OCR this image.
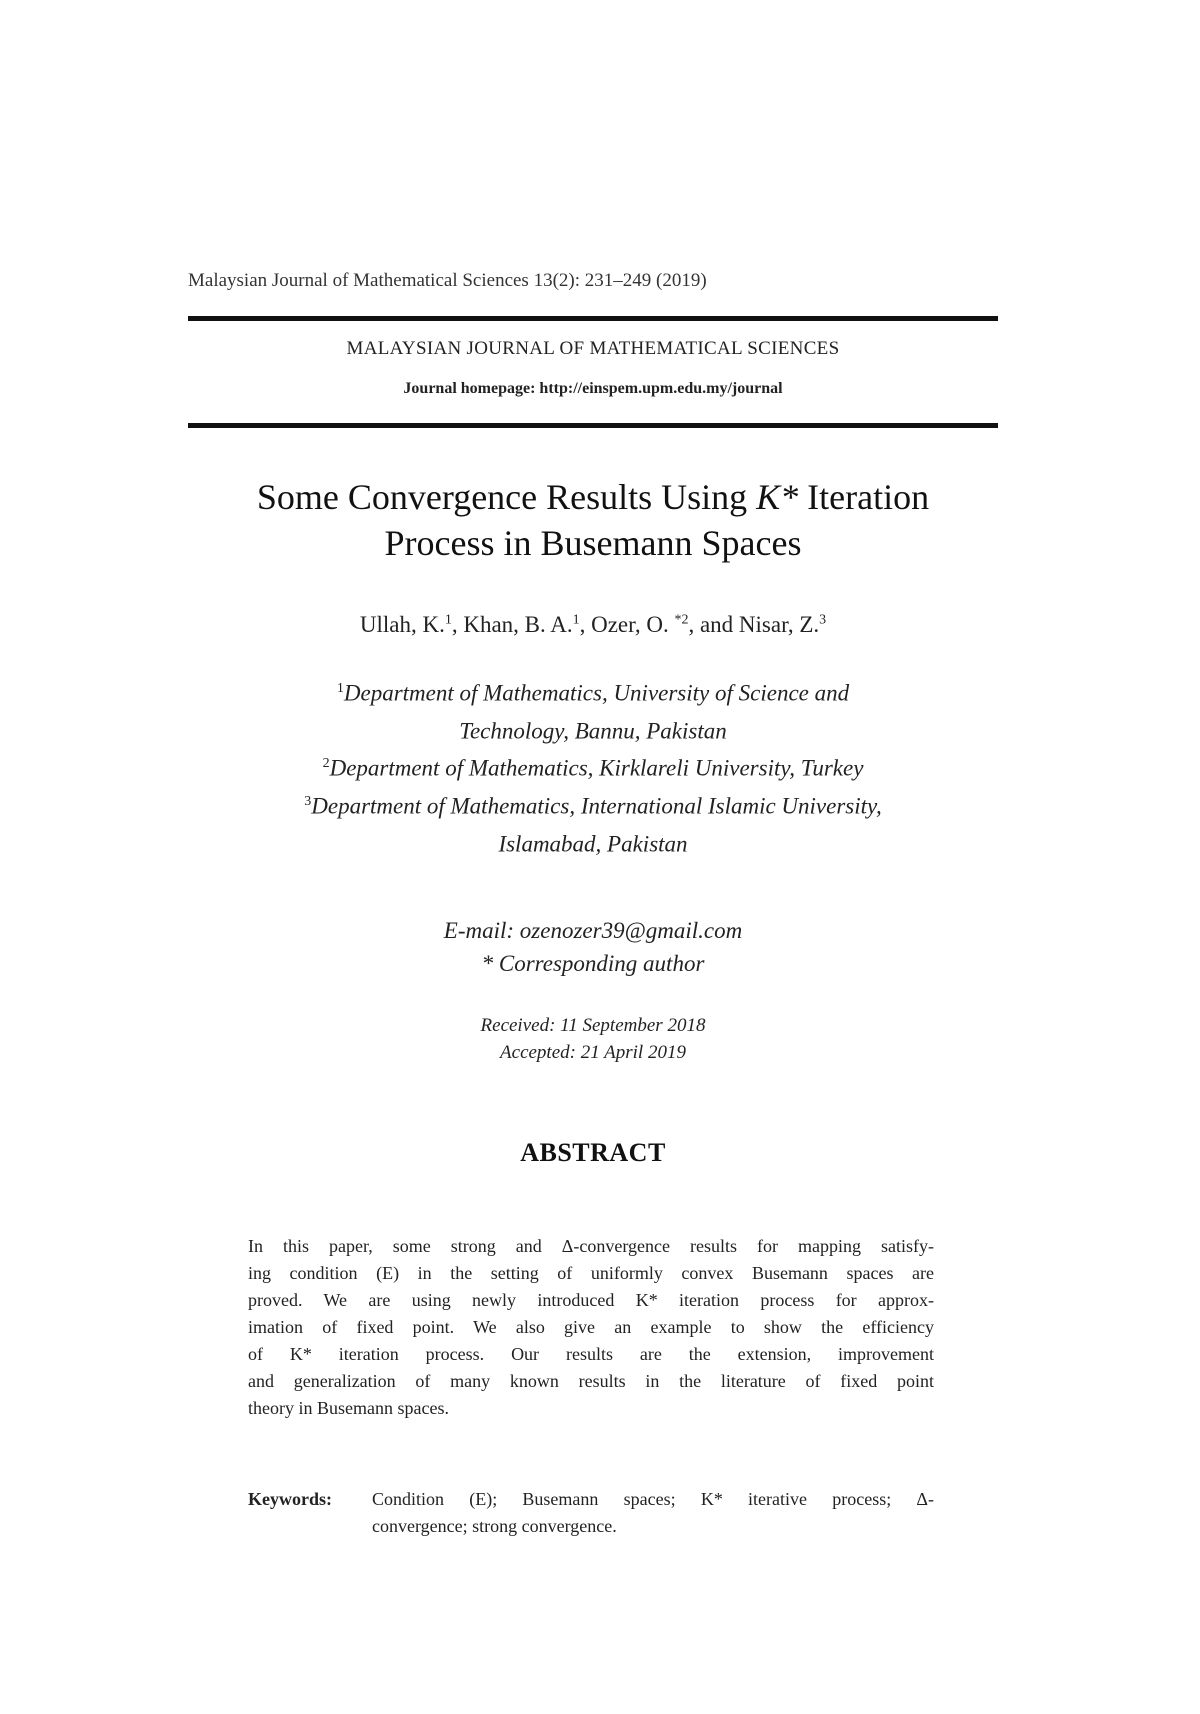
Malaysian Journal of Mathematical Sciences 13(2): 231–249 (2019)
MALAYSIAN JOURNAL OF MATHEMATICAL SCIENCES
Journal homepage: http://einspem.upm.edu.my/journal
Some Convergence Results Using K* Iteration
Process in Busemann Spaces
Ullah, K.$^1$, Khan, B. A.$^1$, Ozer, O. $^{*2}$, and Nisar, Z.$^3$
$^1$Department of Mathematics, University of Science and
Technology, Bannu, Pakistan
$^2$Department of Mathematics, Kirklareli University, Turkey
$^3$Department of Mathematics, International Islamic University,
Islamabad, Pakistan
E-mail: ozenozer39@gmail.com
* Corresponding author
Received: 11 September 2018
Accepted: 21 April 2019
ABSTRACT
In this paper, some strong and Δ-convergence results for mapping satisfy-
ing condition (E) in the setting of uniformly convex Busemann spaces are
proved. We are using newly introduced K* iteration process for approx-
imation of fixed point. We also give an example to show the efficiency
of K* iteration process. Our results are the extension, improvement
and generalization of many known results in the literature of fixed point
theory in Busemann spaces.
Keywords: Condition (E); Busemann spaces; K* iterative process; Δ-
convergence; strong convergence.
